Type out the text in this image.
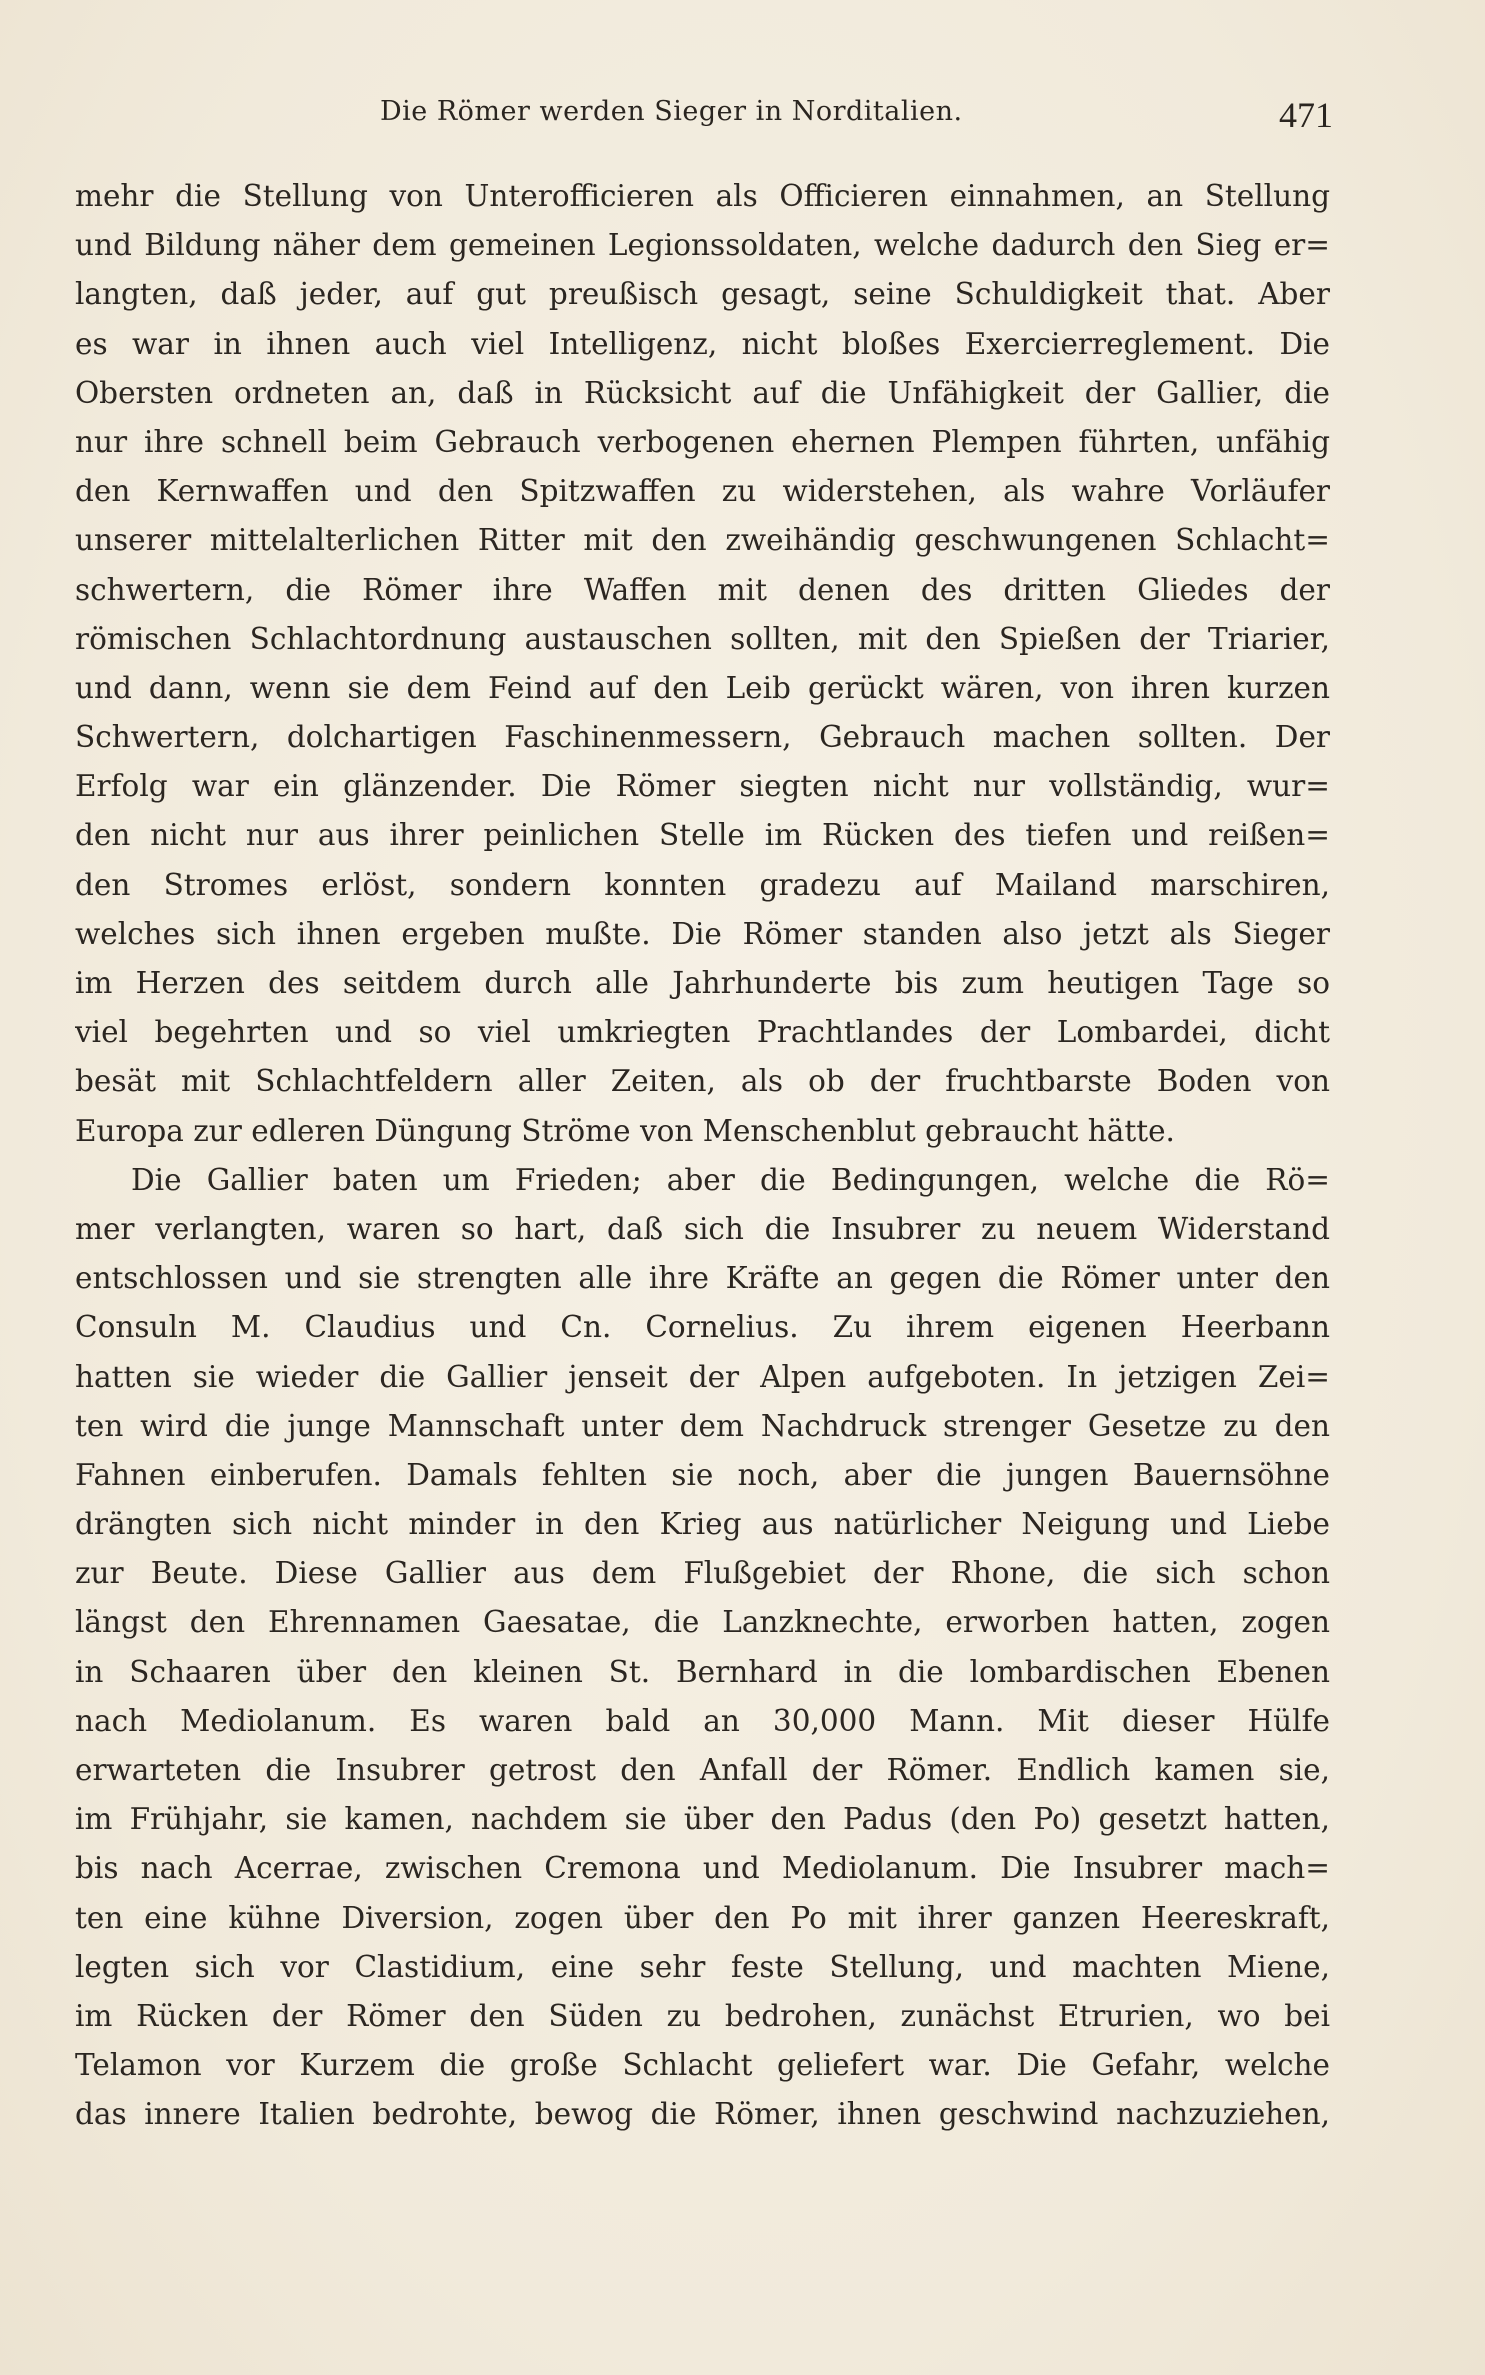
Die Römer werden Sieger in Norditalien.	471
mehr die Stellung von Unterofficieren als Officieren einnahmen, an Stellung
und Bildung näher dem gemeinen Legionssoldaten, welche dadurch den Sieg er=
langten, daß jeder, auf gut preußisch gesagt, seine Schuldigkeit that. Aber
es war in ihnen auch viel Intelligenz, nicht bloßes Exercierreglement. Die
Obersten ordneten an, daß in Rücksicht auf die Unfähigkeit der Gallier, die
nur ihre schnell beim Gebrauch verbogenen ehernen Plempen führten, unfähig
den Kernwaffen und den Spitzwaffen zu widerstehen, als wahre Vorläufer
unserer mittelalterlichen Ritter mit den zweihändig geschwungenen Schlacht=
schwertern, die Römer ihre Waffen mit denen des dritten Gliedes der
römischen Schlachtordnung austauschen sollten, mit den Spießen der Triarier,
und dann, wenn sie dem Feind auf den Leib gerückt wären, von ihren kurzen
Schwertern, dolchartigen Faschinenmessern, Gebrauch machen sollten. Der
Erfolg war ein glänzender. Die Römer siegten nicht nur vollständig, wur=
den nicht nur aus ihrer peinlichen Stelle im Rücken des tiefen und reißen=
den Stromes erlöst, sondern konnten gradezu auf Mailand marschiren,
welches sich ihnen ergeben mußte. Die Römer standen also jetzt als Sieger
im Herzen des seitdem durch alle Jahrhunderte bis zum heutigen Tage so
viel begehrten und so viel umkriegten Prachtlandes der Lombardei, dicht
besät mit Schlachtfeldern aller Zeiten, als ob der fruchtbarste Boden von
Europa zur edleren Düngung Ströme von Menschenblut gebraucht hätte.
Die Gallier baten um Frieden; aber die Bedingungen, welche die Rö=
mer verlangten, waren so hart, daß sich die Insubrer zu neuem Widerstand
entschlossen und sie strengten alle ihre Kräfte an gegen die Römer unter den
Consuln M. Claudius und Cn. Cornelius. Zu ihrem eigenen Heerbann
hatten sie wieder die Gallier jenseit der Alpen aufgeboten. In jetzigen Zei=
ten wird die junge Mannschaft unter dem Nachdruck strenger Gesetze zu den
Fahnen einberufen. Damals fehlten sie noch, aber die jungen Bauernsöhne
drängten sich nicht minder in den Krieg aus natürlicher Neigung und Liebe
zur Beute. Diese Gallier aus dem Flußgebiet der Rhone, die sich schon
längst den Ehrennamen Gaesatae, die Lanzknechte, erworben hatten, zogen
in Schaaren über den kleinen St. Bernhard in die lombardischen Ebenen
nach Mediolanum. Es waren bald an 30,000 Mann. Mit dieser Hülfe
erwarteten die Insubrer getrost den Anfall der Römer. Endlich kamen sie,
im Frühjahr, sie kamen, nachdem sie über den Padus (den Po) gesetzt hatten,
bis nach Acerrae, zwischen Cremona und Mediolanum. Die Insubrer mach=
ten eine kühne Diversion, zogen über den Po mit ihrer ganzen Heereskraft,
legten sich vor Clastidium, eine sehr feste Stellung, und machten Miene,
im Rücken der Römer den Süden zu bedrohen, zunächst Etrurien, wo bei
Telamon vor Kurzem die große Schlacht geliefert war. Die Gefahr, welche
das innere Italien bedrohte, bewog die Römer, ihnen geschwind nachzuziehen,
